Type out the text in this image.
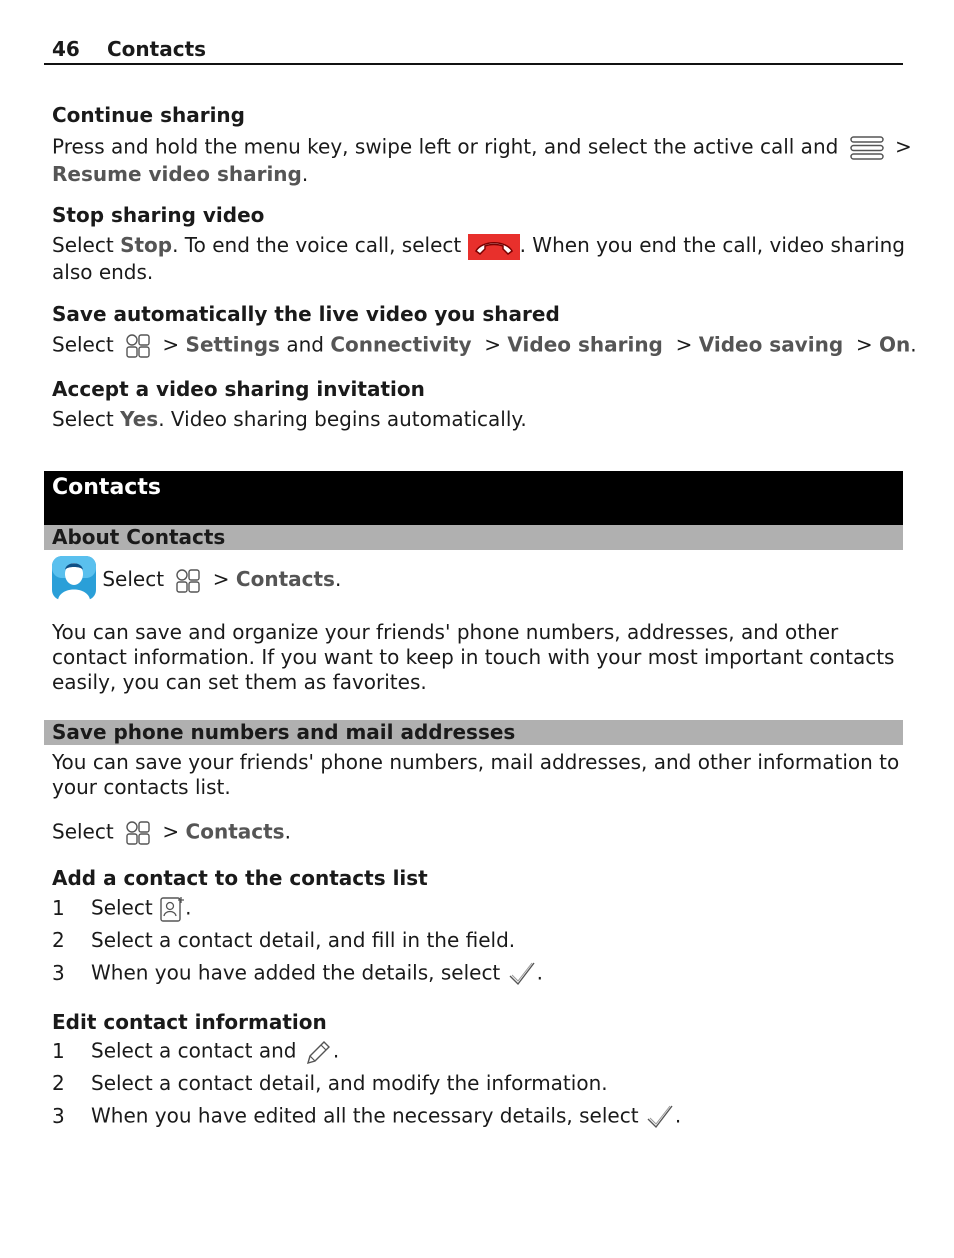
46 Contacts
Continue sharing
Press and hold the menu key, swipe left or right, and select the active call and	>
Resume video sharing.
Stop sharing video
Select Stop. To end the voice call, select	. When you end the call, video sharing
also ends.
Save automatically the live video you shared
Select > Settings and Connectivity > Video sharing > Video saving > On.
Accept a video sharing invitation
Select Yes. Video sharing begins automatically.
Contacts
About Contacts
Select > Contacts.
You can save and organize your friends' phone numbers, addresses, and other
contact information. If you want to keep in touch with your most important contacts
easily, you can set them as favorites.
Save phone numbers and mail addresses
You can save your friends' phone numbers, mail addresses, and other information to
your contacts list.
Select > Contacts.
Add a contact to the contacts list
1 Select .
2 Select a contact detail, and fill in the field.
3 When you have added the details, select .
Edit contact information
1 Select a contact and .
2 Select a contact detail, and modify the information.
3 When you have edited all the necessary details, select .
